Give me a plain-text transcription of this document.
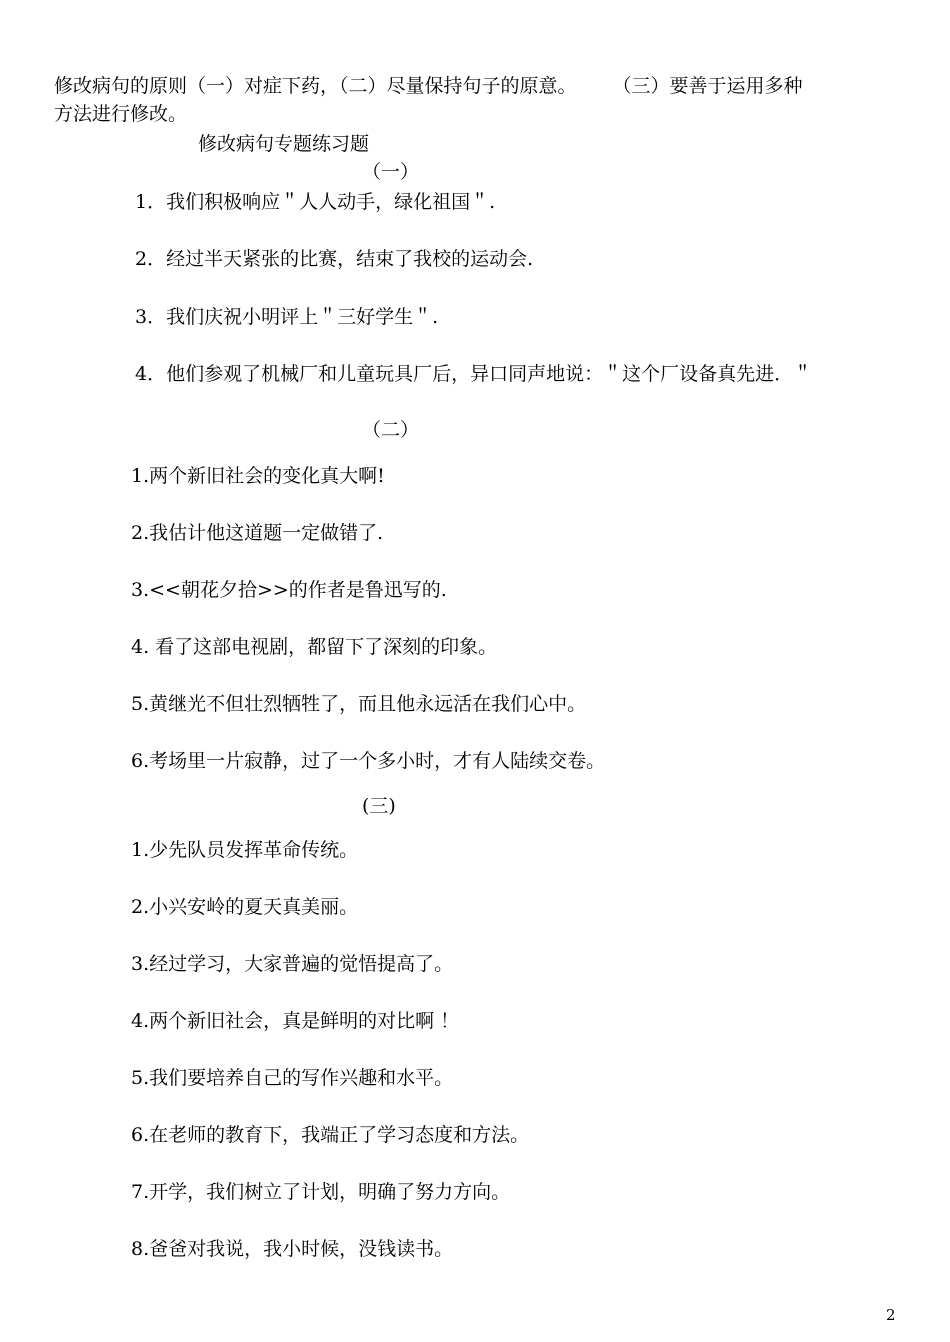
修改病句的原则（一）对症下药，（二）尽量保持句子的原意。 （三）要善于运用多种
方法进行修改。
修改病句专题练习题
（一）
1．我们积极响应＂人人动手，绿化祖国＂.
2．经过半天紧张的比赛，结束了我校的运动会.
3．我们庆祝小明评上＂三好学生＂.
4．他们参观了机械厂和儿童玩具厂后，异口同声地说：＂这个厂设备真先进．＂
（二）
1.两个新旧社会的变化真大啊!
2.我估计他这道题一定做错了.
3.<<朝花夕拾>>的作者是鲁迅写的.
4. 看了这部电视剧，都留下了深刻的印象。
5.黄继光不但壮烈牺牲了，而且他永远活在我们心中。
6.考场里一片寂静，过了一个多小时，才有人陆续交卷。
(三)
1.少先队员发挥革命传统。
2.小兴安岭的夏天真美丽。
3.经过学习，大家普遍的觉悟提高了。
4.两个新旧社会，真是鲜明的对比啊 ！
5.我们要培养自己的写作兴趣和水平。
6.在老师的教育下，我端正了学习态度和方法。
7.开学，我们树立了计划，明确了努力方向。
8.爸爸对我说，我小时候，没钱读书。
2
